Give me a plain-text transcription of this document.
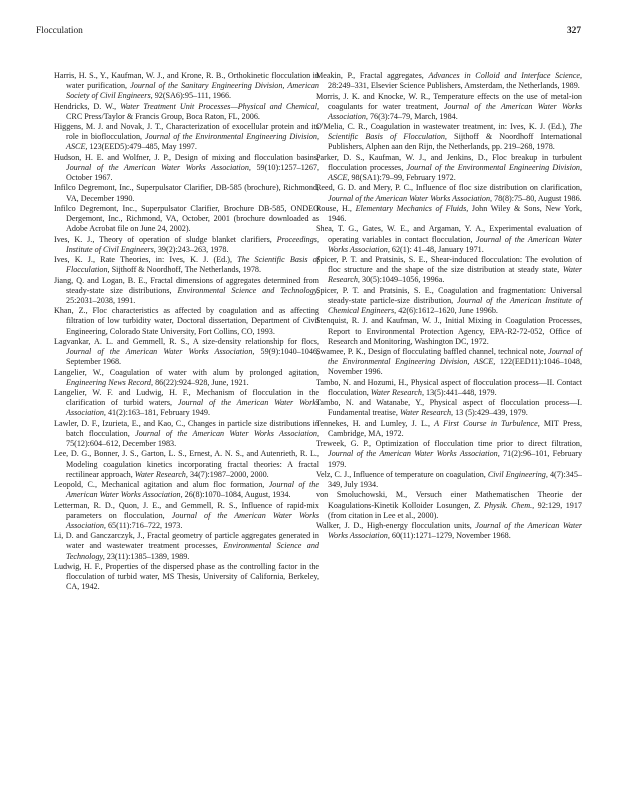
Flocculation	327

Harris, H. S., Y., Kaufman, W. J., and Krone, R. B., Orthokinetic flocculation in water purification, Journal of the Sanitary Engineering Division, American Society of Civil Engineers, 92(SA6):95–111, 1966.

Hendricks, D. W., Water Treatment Unit Processes—Physical and Chemical, CRC Press/Taylor & Francis Group, Boca Raton, FL, 2006.

Higgens, M. J. and Novak, J. T., Characterization of exocellular protein and its role in bioflocculation, Journal of the Environmental Engineering Division, ASCE, 123(EED5):479–485, May 1997.

Hudson, H. E. and Wolfner, J. P., Design of mixing and flocculation basins, Journal of the American Water Works Association, 59(10):1257–1267, October 1967.

Infilco Degremont, Inc., Superpulsator Clarifier, DB-585 (brochure), Richmond, VA, December 1990.

Infilco Degremont, Inc., Superpulsator Clarifier, Brochure DB-585, ONDEO Dergemont, Inc., Richmond, VA, October, 2001 (brochure downloaded as Adobe Acrobat file on June 24, 2002).

Ives, K. J., Theory of operation of sludge blanket clarifiers, Proceedings, Institute of Civil Engineers, 39(2):243–263, 1978.

Ives, K. J., Rate Theories, in: Ives, K. J. (Ed.), The Scientific Basis of Flocculation, Sijthoff & Noordhoff, The Netherlands, 1978.

Jiang, Q. and Logan, B. E., Fractal dimensions of aggregates determined from steady-state size distributions, Environmental Science and Technology, 25:2031–2038, 1991.

Khan, Z., Floc characteristics as affected by coagulation and as affecting filtration of low turbidity water, Doctoral dissertation, Department of Civil Engineering, Colorado State University, Fort Collins, CO, 1993.

Lagvankar, A. L. and Gemmell, R. S., A size-density relationship for flocs, Journal of the American Water Works Association, 59(9):1040–1046, September 1968.

Langelier, W., Coagulation of water with alum by prolonged agitation, Engineering News Record, 86(22):924–928, June, 1921.

Langelier, W. F. and Ludwig, H. F., Mechanism of flocculation in the clarification of turbid waters, Journal of the American Water Works Association, 41(2):163–181, February 1949.

Lawler, D. F., Izurieta, E., and Kao, C., Changes in particle size distributions in batch flocculation, Journal of the American Water Works Association, 75(12):604–612, December 1983.

Lee, D. G., Bonner, J. S., Garton, L. S., Ernest, A. N. S., and Autenrieth, R. L., Modeling coagulation kinetics incorporating fractal theories: A fractal rectilinear approach, Water Research, 34(7):1987–2000, 2000.

Leopold, C., Mechanical agitation and alum floc formation, Journal of the American Water Works Association, 26(8):1070–1084, August, 1934.

Letterman, R. D., Quon, J. E., and Gemmell, R. S., Influence of rapid-mix parameters on flocculation, Journal of the American Water Works Association, 65(11):716–722, 1973.

Li, D. and Ganczarczyk, J., Fractal geometry of particle aggregates generated in water and wastewater treatment processes, Environmental Science and Technology, 23(11):1385–1389, 1989.

Ludwig, H. F., Properties of the dispersed phase as the controlling factor in the flocculation of turbid water, MS Thesis, University of California, Berkeley, CA, 1942.

Meakin, P., Fractal aggregates, Advances in Colloid and Interface Science, 28:249–331, Elsevier Science Publishers, Amsterdam, the Netherlands, 1989.

Morris, J. K. and Knocke, W. R., Temperature effects on the use of metal-ion coagulants for water treatment, Journal of the American Water Works Association, 76(3):74–79, March, 1984.

O'Melia, C. R., Coagulation in wastewater treatment, in: Ives, K. J. (Ed.), The Scientific Basis of Flocculation, Sijthoff & Noordhoff International Publishers, Alphen aan den Rijn, the Netherlands, pp. 219–268, 1978.

Parker, D. S., Kaufman, W. J., and Jenkins, D., Floc breakup in turbulent flocculation processes, Journal of the Environmental Engineering Division, ASCE, 98(SA1):79–99, February 1972.

Reed, G. D. and Mery, P. C., Influence of floc size distribution on clarification, Journal of the American Water Works Association, 78(8):75–80, August 1986.

Rouse, H., Elementary Mechanics of Fluids, John Wiley & Sons, New York, 1946.

Shea, T. G., Gates, W. E., and Argaman, Y. A., Experimental evaluation of operating variables in contact flocculation, Journal of the American Water Works Association, 62(1): 41–48, January 1971.

Spicer, P. T. and Pratsinis, S. E., Shear-induced flocculation: The evolution of floc structure and the shape of the size distribution at steady state, Water Research, 30(5):1049–1056, 1996a.

Spicer, P. T. and Pratsinis, S. E., Coagulation and fragmentation: Universal steady-state particle-size distribution, Journal of the American Institute of Chemical Engineers, 42(6):1612–1620, June 1996b.

Stenquist, R. J. and Kaufman, W. J., Initial Mixing in Coagulation Processes, Report to Environmental Protection Agency, EPA-R2-72-052, Office of Research and Monitoring, Washington DC, 1972.

Swamee, P. K., Design of flocculating baffled channel, technical note, Journal of the Environmental Engineering Division, ASCE, 122(EED11):1046–1048, November 1996.

Tambo, N. and Hozumi, H., Physical aspect of flocculation process—II. Contact flocculation, Water Research, 13(5):441–448, 1979.

Tambo, N. and Watanabe, Y., Physical aspect of flocculation process—I. Fundamental treatise, Water Research, 13 (5):429–439, 1979.

Tennekes, H. and Lumley, J. L., A First Course in Turbulence, MIT Press, Cambridge, MA, 1972.

Treweek, G. P., Optimization of flocculation time prior to direct filtration, Journal of the American Water Works Association, 71(2):96–101, February 1979.

Velz, C. J., Influence of temperature on coagulation, Civil Engineering, 4(7):345–349, July 1934.

von Smoluchowski, M., Versuch einer Mathematischen Theorie der Koagulations-Kinetik Kolloider Losungen, Z. Physik. Chem., 92:129, 1917 (from citation in Lee et al., 2000).

Walker, J. D., High-energy flocculation units, Journal of the American Water Works Association, 60(11):1271–1279, November 1968.
